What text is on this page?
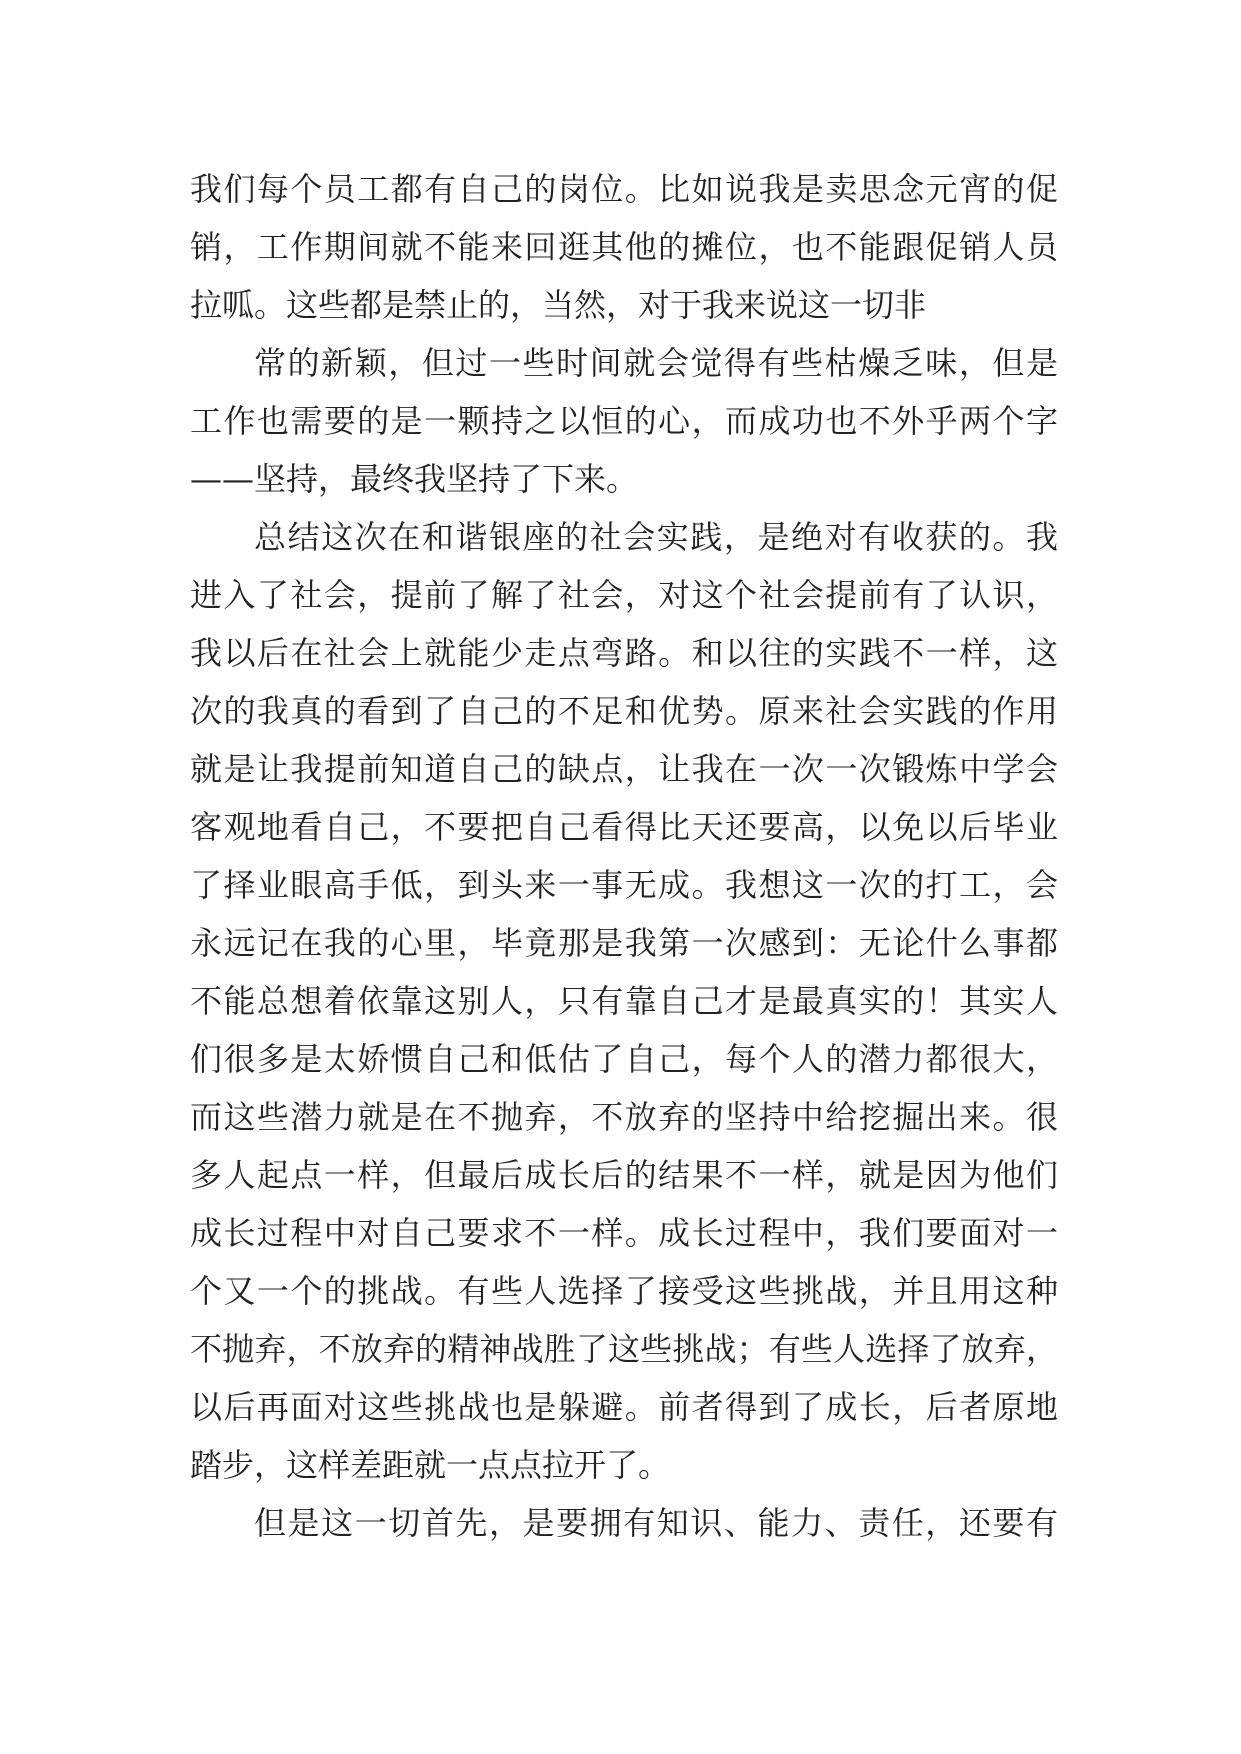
我们每个员工都有自己的岗位。比如说我是卖思念元宵的促
销，工作期间就不能来回逛其他的摊位，也不能跟促销人员
拉呱。这些都是禁止的，当然，对于我来说这一切非
常的新颖，但过一些时间就会觉得有些枯燥乏味，但是
工作也需要的是一颗持之以恒的心，而成功也不外乎两个字
——坚持，最终我坚持了下来。
总结这次在和谐银座的社会实践，是绝对有收获的。我
进入了社会，提前了解了社会，对这个社会提前有了认识，
我以后在社会上就能少走点弯路。和以往的实践不一样，这
次的我真的看到了自己的不足和优势。原来社会实践的作用
就是让我提前知道自己的缺点，让我在一次一次锻炼中学会
客观地看自己，不要把自己看得比天还要高，以免以后毕业
了择业眼高手低，到头来一事无成。我想这一次的打工，会
永远记在我的心里，毕竟那是我第一次感到：无论什么事都
不能总想着依靠这别人，只有靠自己才是最真实的！其实人
们很多是太娇惯自己和低估了自己，每个人的潜力都很大，
而这些潜力就是在不抛弃，不放弃的坚持中给挖掘出来。很
多人起点一样，但最后成长后的结果不一样，就是因为他们
成长过程中对自己要求不一样。成长过程中，我们要面对一
个又一个的挑战。有些人选择了接受这些挑战，并且用这种
不抛弃，不放弃的精神战胜了这些挑战；有些人选择了放弃，
以后再面对这些挑战也是躲避。前者得到了成长，后者原地
踏步，这样差距就一点点拉开了。
但是这一切首先，是要拥有知识、能力、责任，还要有
